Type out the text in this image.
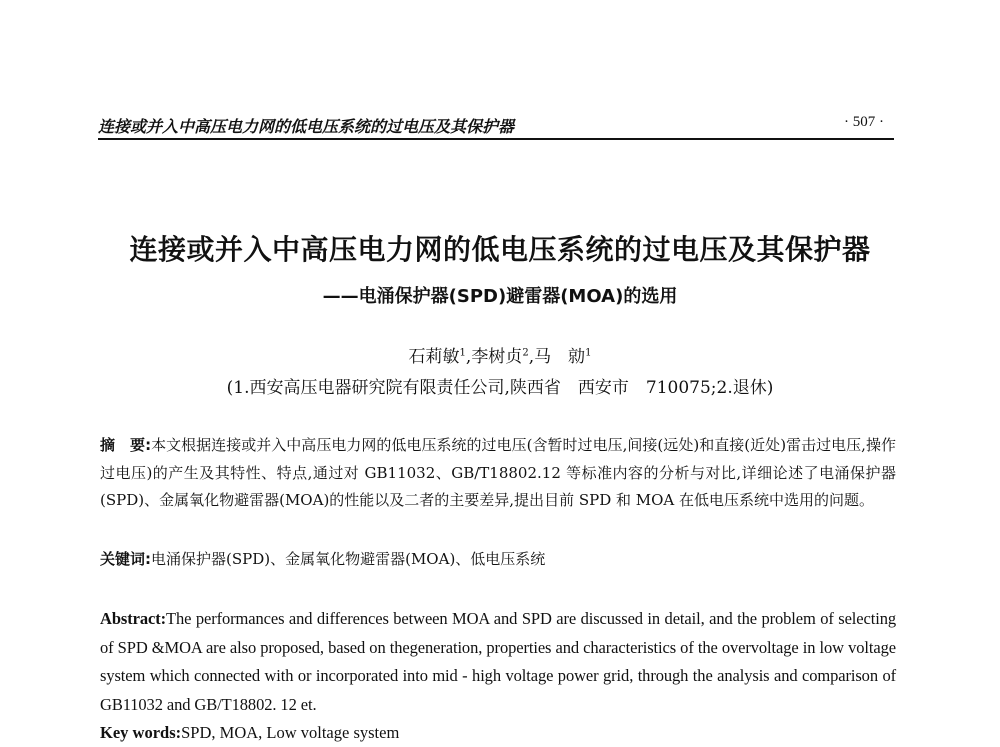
连接或并入中高压电力网的低电压系统的过电压及其保护器	· 507 ·
连接或并入中高压电力网的低电压系统的过电压及其保护器
——电涌保护器(SPD)避雷器(MOA)的选用
石莉敏$^1$,李树贞$^2$,马　勍$^1$
(1.西安高压电器研究院有限责任公司,陕西省　西安市　710075;2.退休)
摘　要:本文根据连接或并入中高压电力网的低电压系统的过电压(含暂时过电压,间接(远处)和直接(近处)雷击过电压,操作过电压)的产生及其特性、特点,通过对 GB11032、GB/T18802.12 等标准内容的分析与对比,详细论述了电涌保护器(SPD)、金属氧化物避雷器(MOA)的性能以及二者的主要差异,提出目前 SPD 和 MOA 在低电压系统中选用的问题。
关键词:电涌保护器(SPD)、金属氧化物避雷器(MOA)、低电压系统
Abstract:The performances and differences between MOA and SPD are discussed in detail, and the problem of selecting of SPD &MOA are also proposed, based on thegeneration, properties and characteristics of the overvoltage in low voltage system which connected with or incorporated into mid - high voltage power grid, through the analysis and comparison of GB11032 and GB/T18802. 12 et.
Key words:SPD, MOA, Low voltage system
